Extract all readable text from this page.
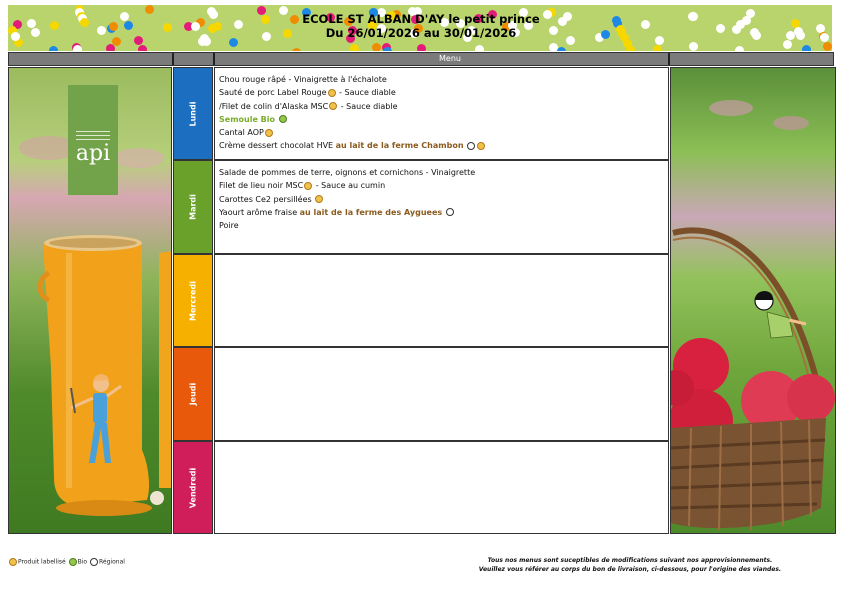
ECOLE ST ALBAN D'AY le petit prince
Du 26/01/2026 au 30/01/2026
Menu
api
Lundi
Chou rouge râpé - Vinaigrette à l'échalote
Sauté de porc Label Rouge - Sauce diable
/Filet de colin d'Alaska MSC - Sauce diable
Semoule Bio
Cantal AOP
Crème dessert chocolat HVE au lait de la ferme Chambon
Mardi
Salade de pommes de terre, oignons et cornichons - Vinaigrette
Filet de lieu noir MSC - Sauce au cumin
Carottes Ce2 persillées
Yaourt arôme fraise au lait de la ferme des Ayguees
Poire
Mercredi
Jeudi
Vendredi
Produit labellisé Bio Régional	Tous nos menus sont suceptibles de modifications suivant nos approvisionnements.
Veuillez vous référer au corps du bon de livraison, ci-dessous, pour l'origine des viandes.
